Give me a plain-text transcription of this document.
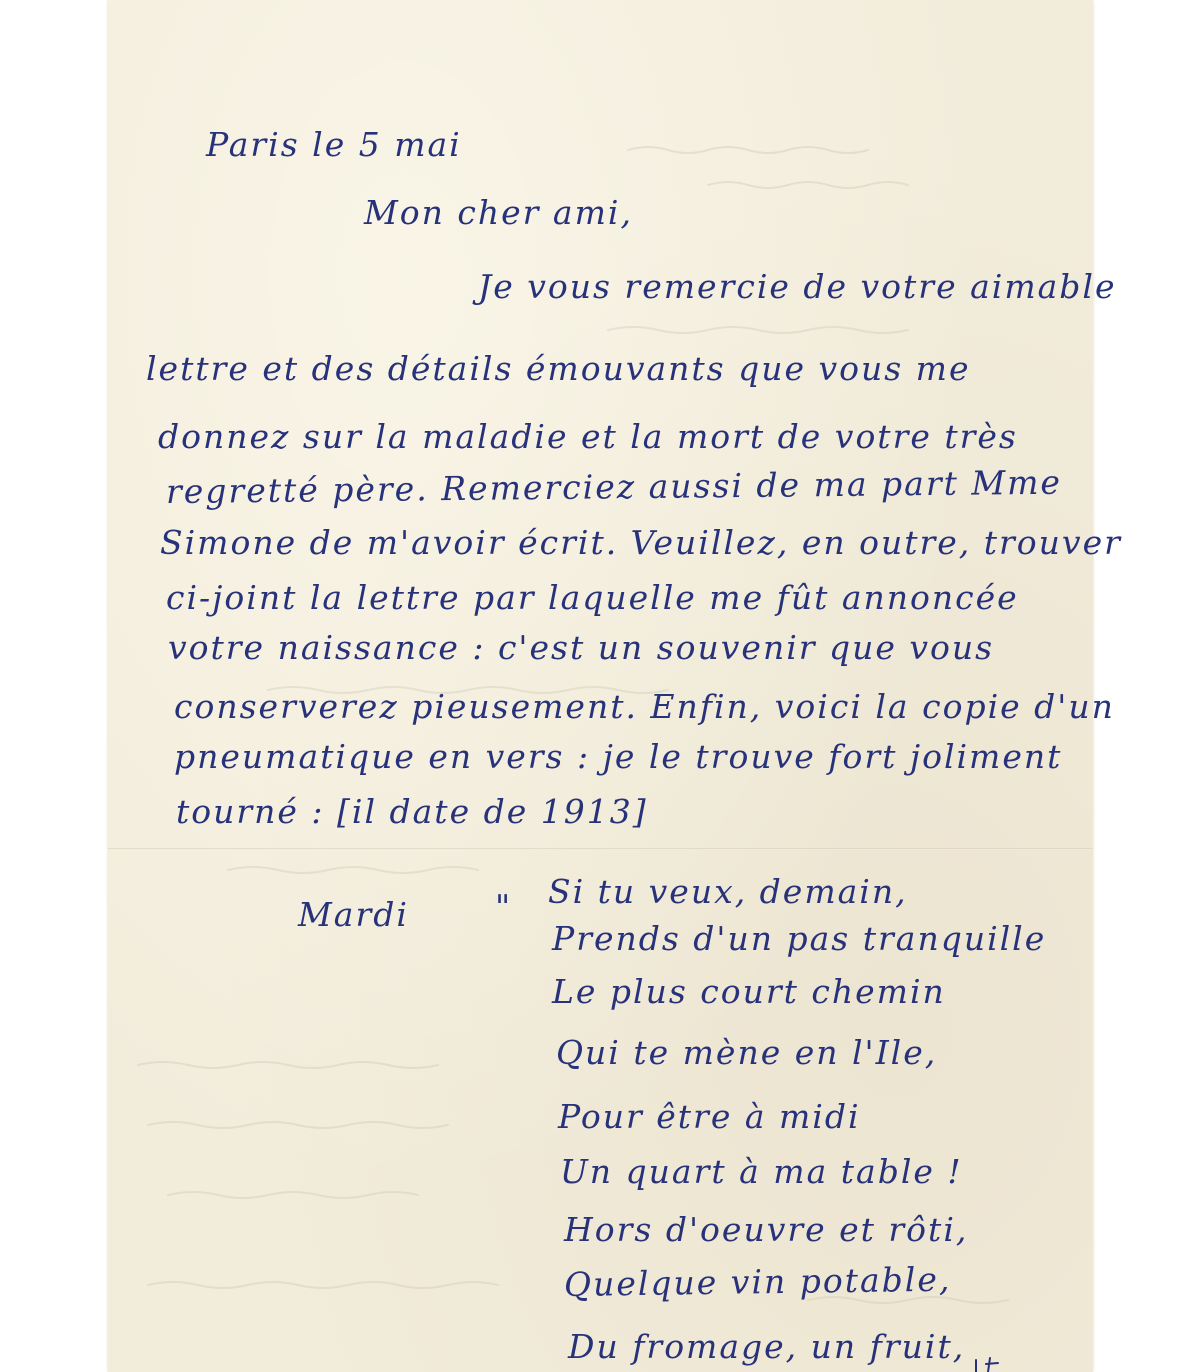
Paris le 5 mai

Mon cher ami,

Je vous remercie de votre aimable

lettre et des détails émouvants que vous me

donnez sur la maladie et la mort de votre très

regretté père. Remerciez aussi de ma part Mme

Simone de m'avoir écrit. Veuillez, en outre, trouver

ci-joint la lettre par laquelle me fût annoncée

votre naissance : c'est un souvenir que vous

conserverez pieusement. Enfin, voici la copie d'un

pneumatique en vers : je le trouve fort joliment

tourné : [il date de 1913]

Mardi	" Si tu veux, demain,

Prends d'un pas tranquille

Le plus court chemin

Qui te mène en l'Ile,

Pour être à midi

Un quart à ma table !

Hors d'oeuvre et rôti,

Quelque vin potable,

Du fromage, un fruit,
